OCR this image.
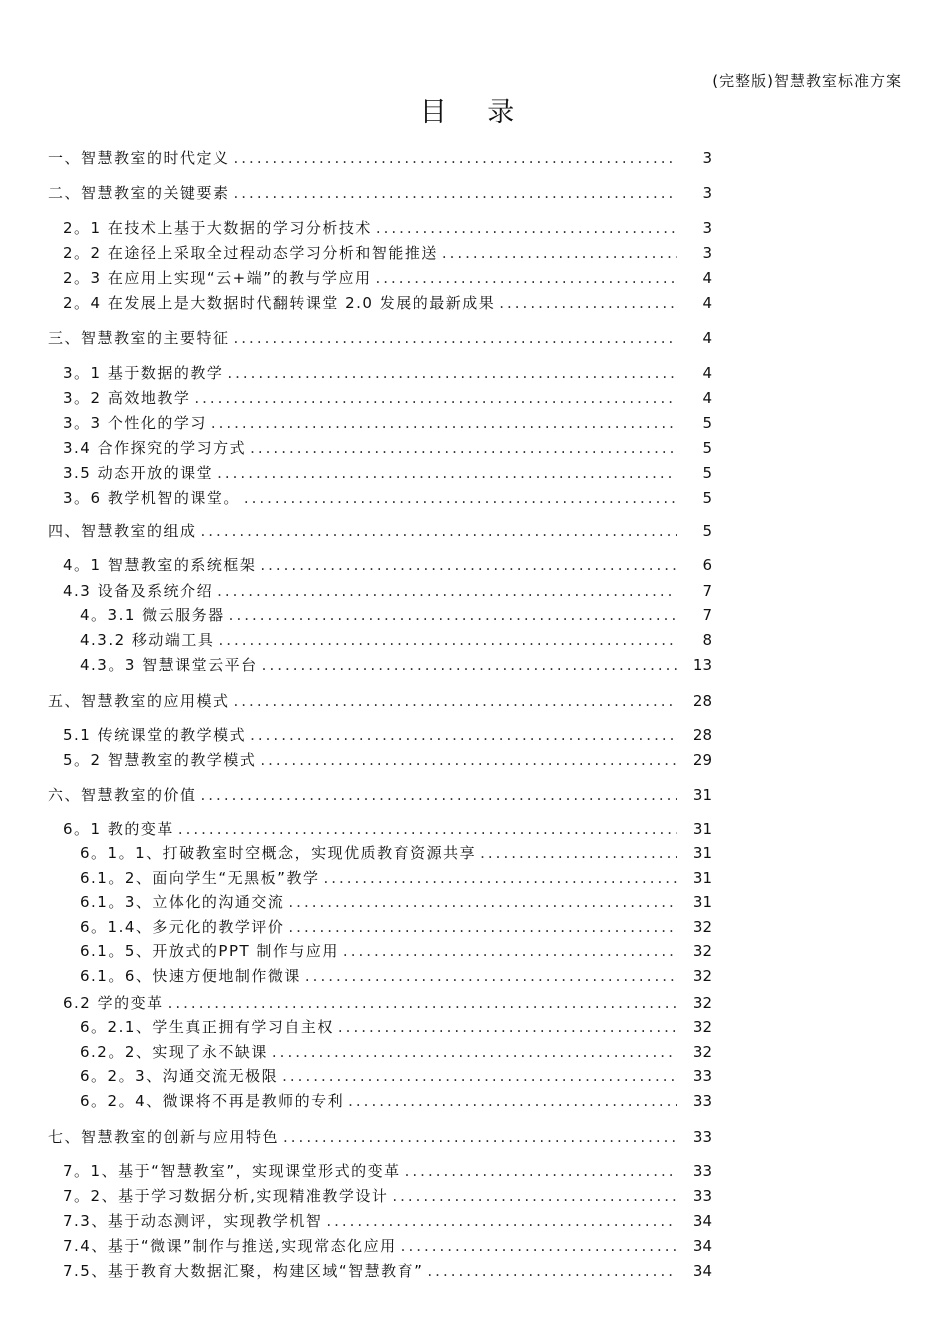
(完整版)智慧教室标准方案
目 录
一、智慧教室的时代定义 .....	3
二、智慧教室的关键要素 .....	3
2。1 在技术上基于大数据的学习分析技术 .....	3
2。2 在途径上采取全过程动态学习分析和智能推送 .....	3
2。3 在应用上实现“云+端”的教与学应用 .....	4
2。4 在发展上是大数据时代翻转课堂 2.0 发展的最新成果 .....	4
三、智慧教室的主要特征 .....	4
3。1 基于数据的教学 .....	4
3。2 高效地教学 .....	4
3。3 个性化的学习 .....	5
3.4 合作探究的学习方式 .....	5
3.5 动态开放的课堂 .....	5
3。6 教学机智的课堂。 .....	5
四、智慧教室的组成 .....	5
4。1 智慧教室的系统框架 .....	6
4.3 设备及系统介绍 .....	7
4。3.1 微云服务器 .....	7
4.3.2 移动端工具 .....	8
4.3。3 智慧课堂云平台 .....	13
五、智慧教室的应用模式 .....	28
5.1 传统课堂的教学模式 .....	28
5。2 智慧教室的教学模式 .....	29
六、智慧教室的价值 .....	31
6。1 教的变革 .....	31
6。1。1、打破教室时空概念，实现优质教育资源共享 .....	31
6.1。2、面向学生“无黑板”教学 .....	31
6.1。3、立体化的沟通交流 .....	31
6。1.4、多元化的教学评价 .....	32
6.1。5、开放式的PPT 制作与应用 .....	32
6.1。6、快速方便地制作微课 .....	32
6.2 学的变革 .....	32
6。2.1、学生真正拥有学习自主权 .....	32
6.2。2、实现了永不缺课 .....	32
6。2。3、沟通交流无极限 .....	33
6。2。4、微课将不再是教师的专利 .....	33
七、智慧教室的创新与应用特色 .....	33
7。1、基于“智慧教室”，实现课堂形式的变革 .....	33
7。2、基于学习数据分析,实现精准教学设计 .....	33
7.3、基于动态测评，实现教学机智 .....	34
7.4、基于“微课”制作与推送,实现常态化应用 .....	34
7.5、基于教育大数据汇聚，构建区域“智慧教育” .....	34
